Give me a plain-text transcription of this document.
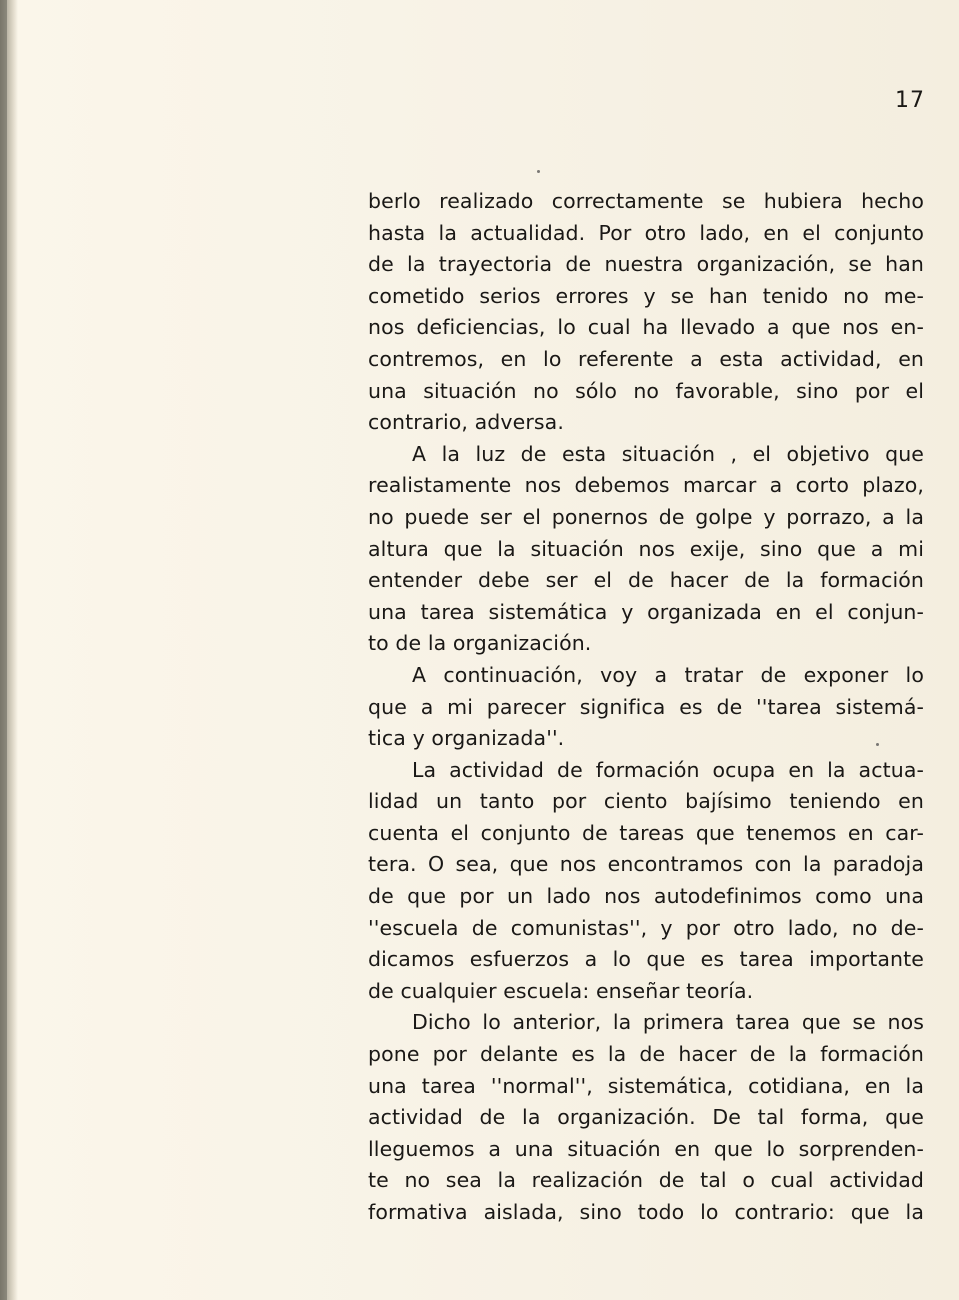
17
berlo realizado correctamente se hubiera hecho
hasta la actualidad. Por otro lado, en el conjunto
de la trayectoria de nuestra organización, se han
cometido serios errores y se han tenido no me-
nos deficiencias, lo cual ha llevado a que nos en-
contremos, en lo referente a esta actividad, en
una situación no sólo no favorable, sino por el
contrario, adversa.
A la luz de esta situación , el objetivo que
realistamente nos debemos marcar a corto plazo,
no puede ser el ponernos de golpe y porrazo, a la
altura que la situación nos exije, sino que a mi
entender debe ser el de hacer de la formación
una tarea sistemática y organizada en el conjun-
to de la organización.
A continuación, voy a tratar de exponer lo
que a mi parecer significa es de ''tarea sistemá-
tica y organizada''.
La actividad de formación ocupa en la actua-
lidad un tanto por ciento bajísimo teniendo en
cuenta el conjunto de tareas que tenemos en car-
tera. O sea, que nos encontramos con la paradoja
de que por un lado nos autodefinimos como una
''escuela de comunistas'', y por otro lado, no de-
dicamos esfuerzos a lo que es tarea importante
de cualquier escuela: enseñar teoría.
Dicho lo anterior, la primera tarea que se nos
pone por delante es la de hacer de la formación
una tarea ''normal'', sistemática, cotidiana, en la
actividad de la organización. De tal forma, que
lleguemos a una situación en que lo sorprenden-
te no sea la realización de tal o cual actividad
formativa aislada, sino todo lo contrario: que la
